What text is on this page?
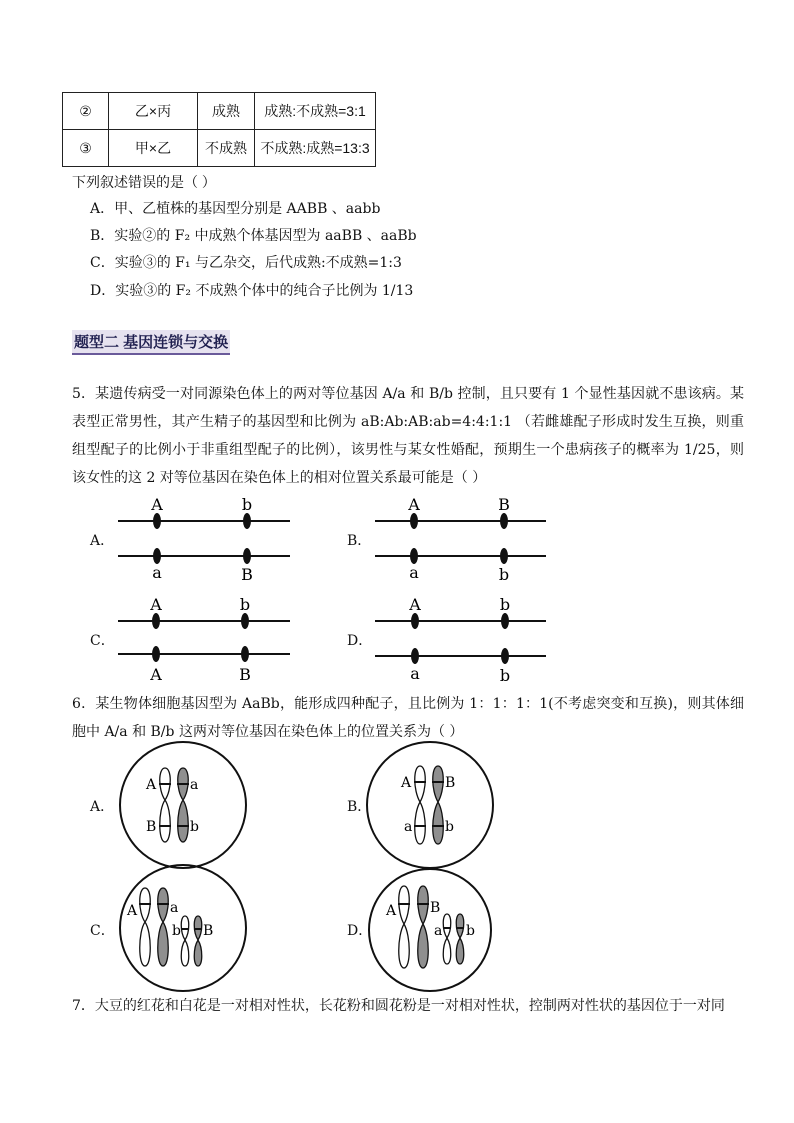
②	乙×丙	成熟	成熟:不成熟=3:1
③	甲×乙	不成熟	不成熟:成熟=13:3
下列叙述错误的是（ ）
A．甲、乙植株的基因型分别是 AABB 、aabb
B．实验②的 F₂ 中成熟个体基因型为 aaBB 、aaBb
C．实验③的 F₁ 与乙杂交，后代成熟:不成熟=1:3
D．实验③的 F₂ 不成熟个体中的纯合子比例为 1/13
题型二 基因连锁与交换
5．某遗传病受一对同源染色体上的两对等位基因 A/a 和 B/b 控制，且只要有 1 个显性基因就不患该病。某表型正常男性，其产生精子的基因型和比例为 aB:Ab:AB:ab=4:4:1:1 （若雌雄配子形成时发生互换，则重组型配子的比例小于非重组型配子的比例），该男性与某女性婚配，预期生一个患病孩子的概率为 1/25，则该女性的这 2 对等位基因在染色体上的相对位置关系最可能是（ ）
A．	B．
C．	D．
A	b
a	B
A	B
a	b
A	b
A	B
A	b
a	b
6．某生物体细胞基因型为 AaBb，能形成四种配子，且比例为 1：1：1：1(不考虑突变和互换)，则其体细胞中 A/a 和 B/b 这两对等位基因在染色体上的位置关系为（ ）
A．	B．
C．	D．
A a
B b
A B
a b
A a
b B
A B
a b
7．大豆的红花和白花是一对相对性状，长花粉和圆花粉是一对相对性状，控制两对性状的基因位于一对同
